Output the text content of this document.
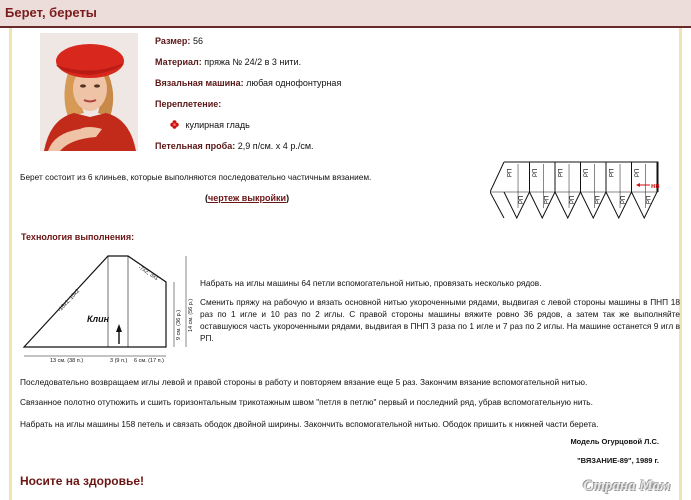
Берет, береты
Размер: 56
Материал: пряжа № 24/2 в 3 нити.
Вязальная машина: любая однофонтурная
Переплетение:
кулирная гладь
Петельная проба: 2,9 п/см. х 4 р./см.
РП
РП
РП
РП
РП
РП
РП
РП
РП
РП
РП
РП
нв
Берет состоит из 6 клиньев, которые выполняются последовательно частичным вязанием.
(чертеж выкройки)
Технология выполнения:
Клин
-18х1; 10х2
-7х2; 3х1
13 см. (38 п.)	3 (9 п.) 6 см. (17 п.)
9 см. (36 р.) 14 см. (56 р.)
Набрать на иглы машины 64 петли вспомогательной нитью, провязать несколько рядов.
Сменить пряжу на рабочую и вязать основной нитью укороченными рядами, выдвигая с левой стороны машины в ПНП 18 раз по 1 игле и 10 раз по 2 иглы. С правой стороны машины вяжите ровно 36 рядов, а затем так же выполняйте оставшуюся часть укороченными рядами, выдвигая в ПНП 3 раза по 1 игле и 7 раз по 2 иглы. На машине останется 9 игл в РП.
Последовательно возвращаем иглы левой и правой стороны в работу и повторяем вязание еще 5 раз. Закончим вязание вспомогательной нитью.
Связанное полотно отутюжить и сшить горизонтальным трикотажным швом "петля в петлю" первый и последний ряд, убрав вспомогательную нить.
Набрать на иглы машины 158 петель и связать ободок двойной ширины. Закончить вспомогательной нитью. Ободок пришить к нижней части берета.
Модель Огурцовой Л.С.
"ВЯЗАНИЕ-89", 1989 г.
Носите на здоровье!	Страна Мам
